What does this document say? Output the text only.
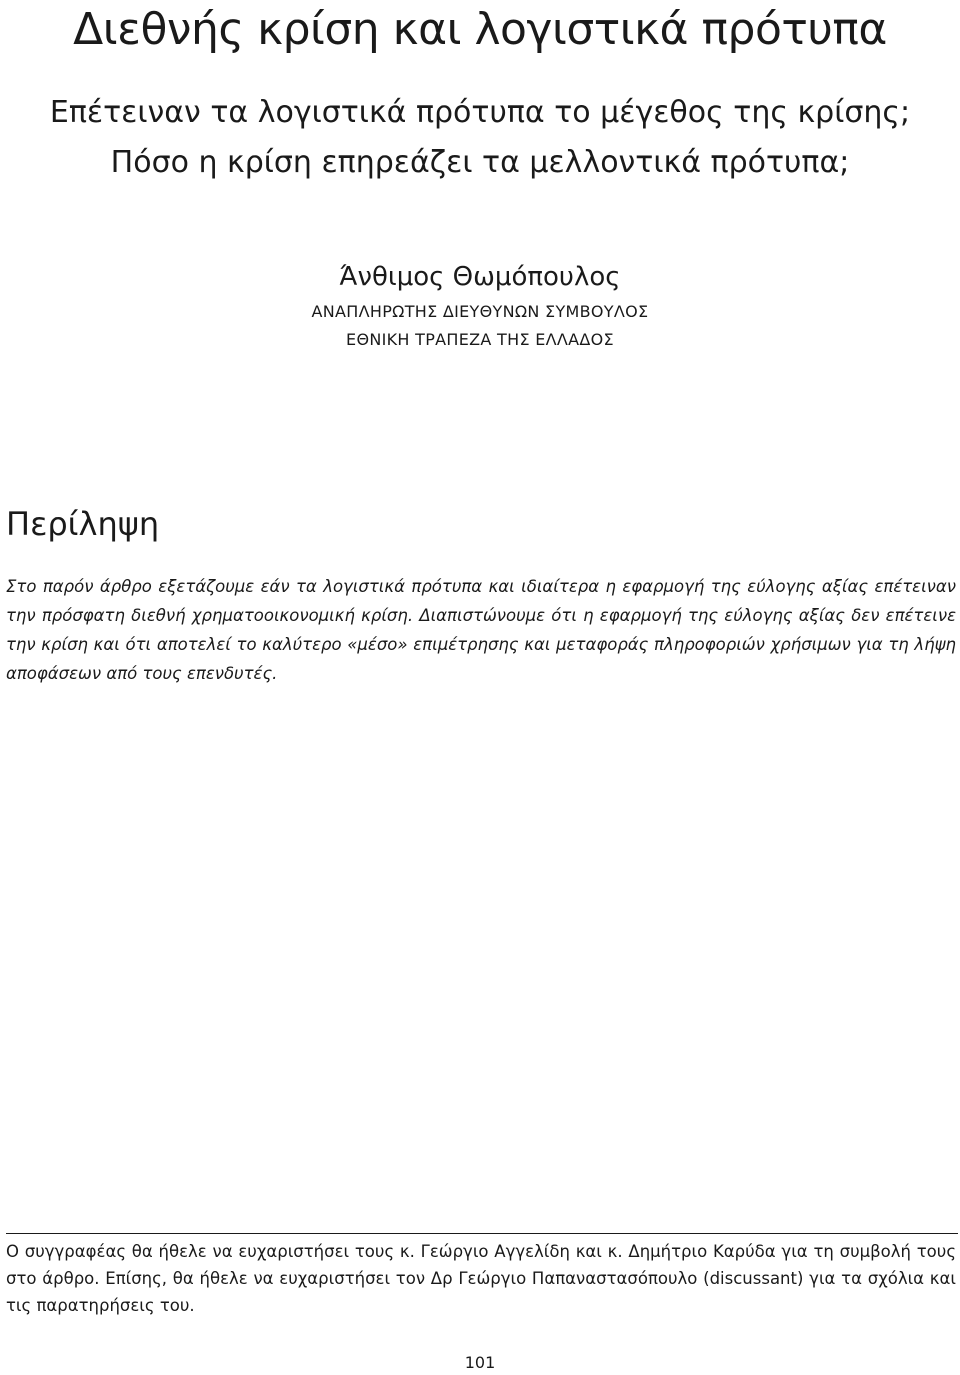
Διεθνής κρίση και λογιστικά πρότυπα
Επέτειναν τα λογιστικά πρότυπα το μέγεθος της κρίσης;
Πόσο η κρίση επηρεάζει τα μελλοντικά πρότυπα;
Άνθιμος Θωμόπουλος
ΑΝΑΠΛΗΡΩΤΗΣ ΔΙΕΥΘΥΝΩΝ ΣΥΜΒΟΥΛΟΣ
ΕΘΝΙΚΗ ΤΡΑΠΕΖΑ ΤΗΣ ΕΛΛΑΔΟΣ
Περίληψη

Στο παρόν άρθρο εξετάζουμε εάν τα λογιστικά πρότυπα και ιδιαίτερα η εφαρμογή της εύλογης αξίας επέτειναν την πρόσφατη διεθνή χρηματοοικονομική κρίση. Διαπιστώνουμε ότι η εφαρμογή της εύλογης αξίας δεν επέτεινε την κρίση και ότι αποτελεί το καλύτερο «μέσο» επιμέτρησης και μεταφοράς πληροφοριών χρήσιμων για τη λήψη αποφάσεων από τους επενδυτές.

Ο συγγραφέας θα ήθελε να ευχαριστήσει τους κ. Γεώργιο Αγγελίδη και κ. Δημήτριο Καρύδα για τη συμβολή τους στο άρθρο. Επίσης, θα ήθελε να ευχαριστήσει τον Δρ Γεώργιο Παπαναστασόπουλο (discussant) για τα σχόλια και τις παρατηρήσεις του.

101
